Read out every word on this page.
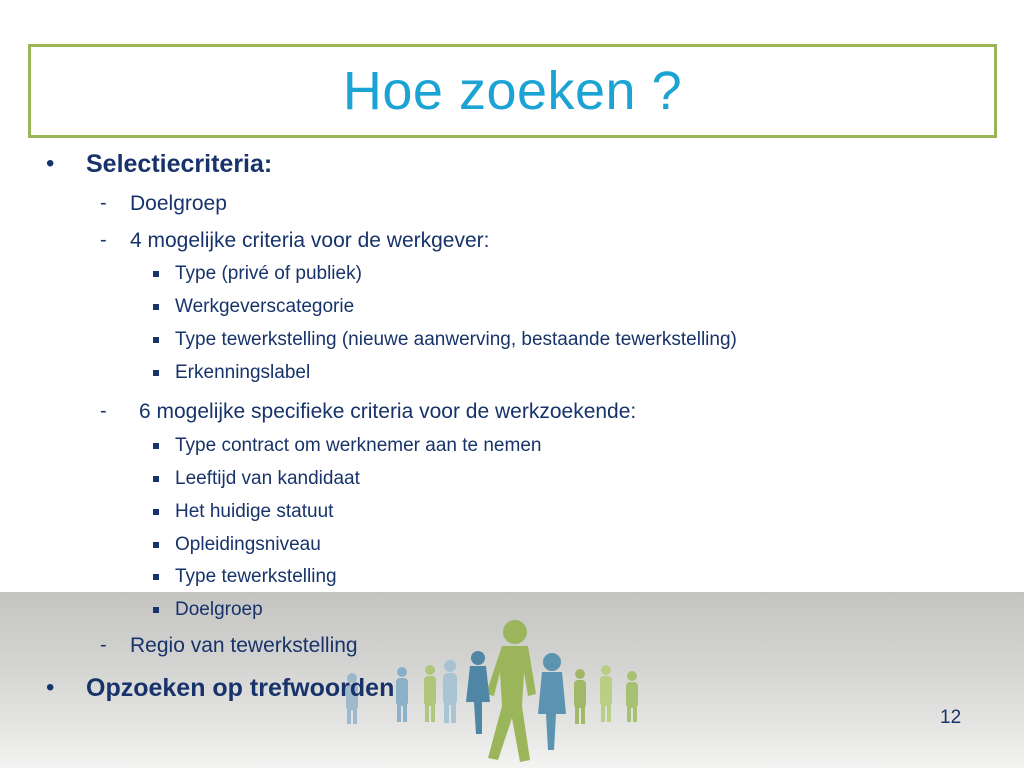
Hoe zoeken ?
• Selectiecriteria:
- Doelgroep
- 4 mogelijke criteria voor de werkgever:
Type (privé of publiek)
Werkgeverscategorie
Type tewerkstelling (nieuwe aanwerving, bestaande tewerkstelling)
Erkenningslabel
- 6 mogelijke specifieke criteria voor de werkzoekende:
Type contract om werknemer aan te nemen
Leeftijd van kandidaat
Het huidige statuut
Opleidingsniveau
Type tewerkstelling
Doelgroep
- Regio van tewerkstelling
• Opzoeken op trefwoorden
12
